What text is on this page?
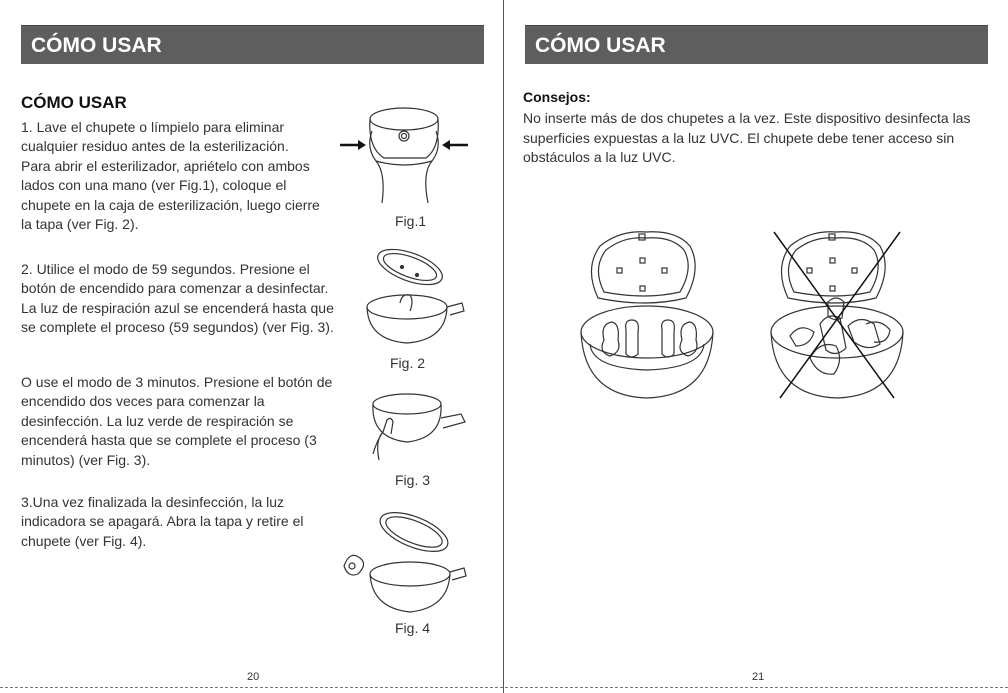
CÓMO USAR
CÓMO USAR
1. Lave el chupete o límpielo para eliminar cualquier residuo antes de la esterilización. Para abrir el esterilizador, apriételo con ambos lados con una mano (ver Fig.1), coloque el chupete en la caja de esterilización, luego cierre la tapa (ver Fig. 2).
2. Utilice el modo de 59 segundos. Presione el botón de encendido para comenzar a desinfectar. La luz de respiración azul se encenderá hasta que se complete el proceso (59 segundos) (ver Fig. 3).
O use el modo de 3 minutos. Presione el botón de encendido dos veces para comenzar la desinfección. La luz verde de respiración se encenderá hasta que se complete el proceso (3 minutos) (ver Fig. 3).
3.Una vez finalizada la desinfección, la luz indicadora se apagará. Abra la tapa y retire el chupete (ver Fig. 4).
Fig.1
Fig. 2
Fig. 3
Fig. 4
20
CÓMO USAR
Consejos:
No inserte más de dos chupetes a la vez. Este dispositivo desinfecta las superficies expuestas a la luz UVC. El chupete debe tener acceso sin obstáculos a la luz UVC.
21
